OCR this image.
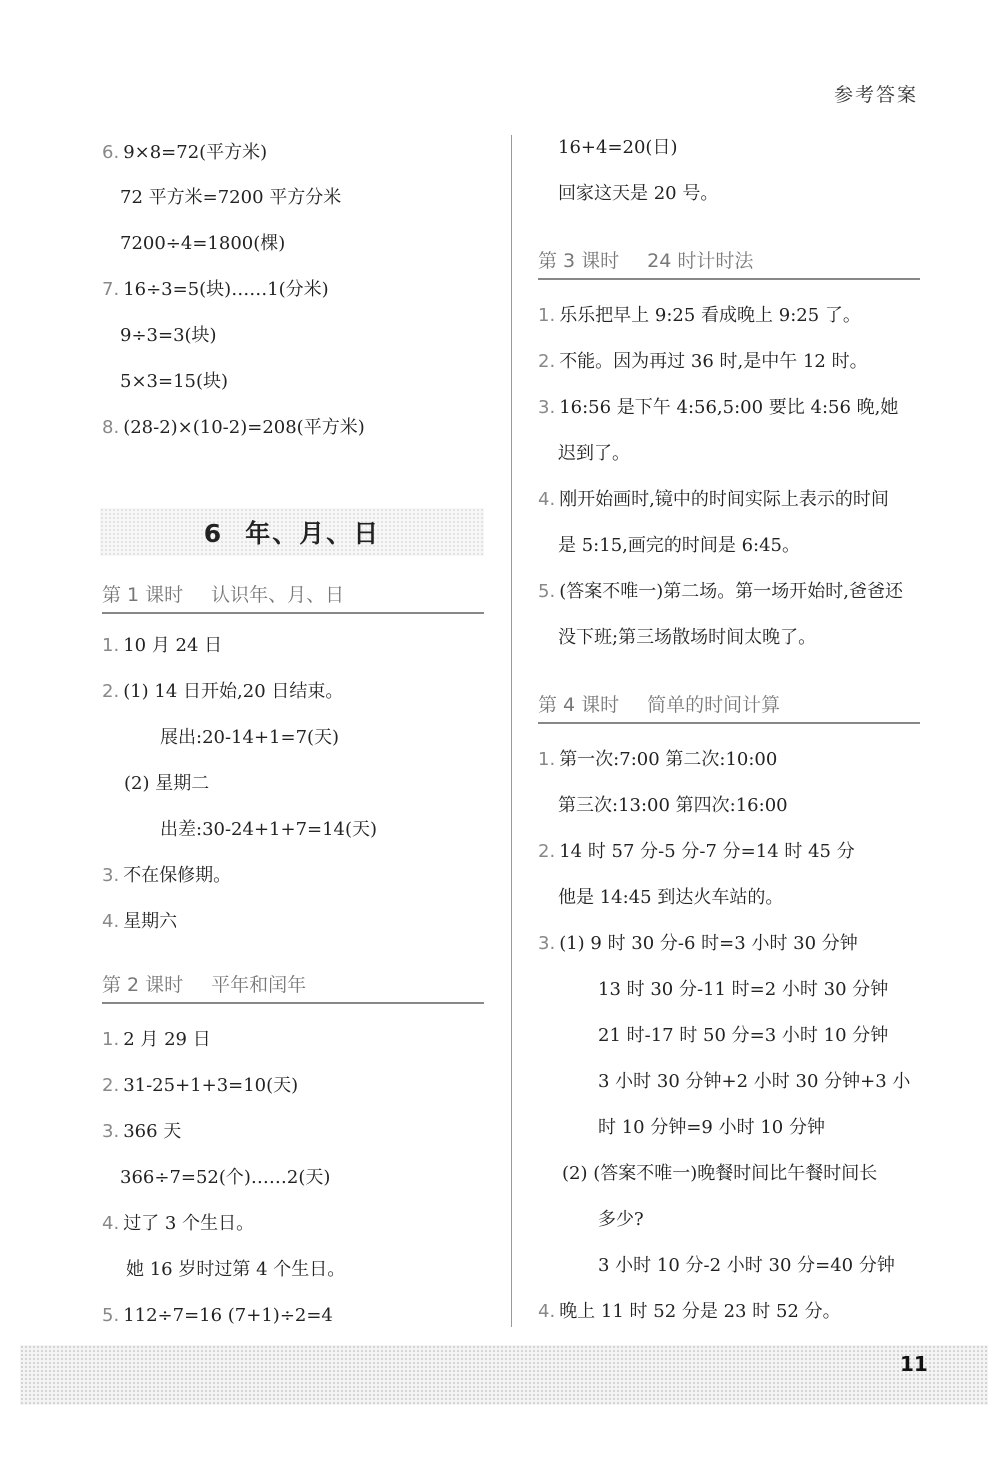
参考答案
6. 9×8=72(平方米)
72 平方米=7200 平方分米
7200÷4=1800(棵)
7. 16÷3=5(块)……1(分米)
9÷3=3(块)
5×3=15(块)
8. (28-2)×(10-2)=208(平方米)
6 年、月、日
第 1 课时 认识年、月、日
1. 10 月 24 日
2. (1) 14 日开始,20 日结束。
展出:20-14+1=7(天)
(2) 星期二
出差:30-24+1+7=14(天)
3. 不在保修期。
4. 星期六
第 2 课时 平年和闰年
1. 2 月 29 日
2. 31-25+1+3=10(天)
3. 366 天
366÷7=52(个)……2(天)
4. 过了 3 个生日。
她 16 岁时过第 4 个生日。
5. 112÷7=16 (7+1)÷2=4
16+4=20(日)
回家这天是 20 号。
第 3 课时 24 时计时法
1. 乐乐把早上 9:25 看成晚上 9:25 了。
2. 不能。因为再过 36 时,是中午 12 时。
3. 16:56 是下午 4:56,5:00 要比 4:56 晚,她
迟到了。
4. 刚开始画时,镜中的时间实际上表示的时间
是 5:15,画完的时间是 6:45。
5. (答案不唯一)第二场。第一场开始时,爸爸还
没下班;第三场散场时间太晚了。
第 4 课时 简单的时间计算
1. 第一次:7:00 第二次:10:00
第三次:13:00 第四次:16:00
2. 14 时 57 分-5 分-7 分=14 时 45 分
他是 14:45 到达火车站的。
3. (1) 9 时 30 分-6 时=3 小时 30 分钟
13 时 30 分-11 时=2 小时 30 分钟
21 时-17 时 50 分=3 小时 10 分钟
3 小时 30 分钟+2 小时 30 分钟+3 小
时 10 分钟=9 小时 10 分钟
(2) (答案不唯一)晚餐时间比午餐时间长
多少?
3 小时 10 分-2 小时 30 分=40 分钟
4. 晚上 11 时 52 分是 23 时 52 分。
11
